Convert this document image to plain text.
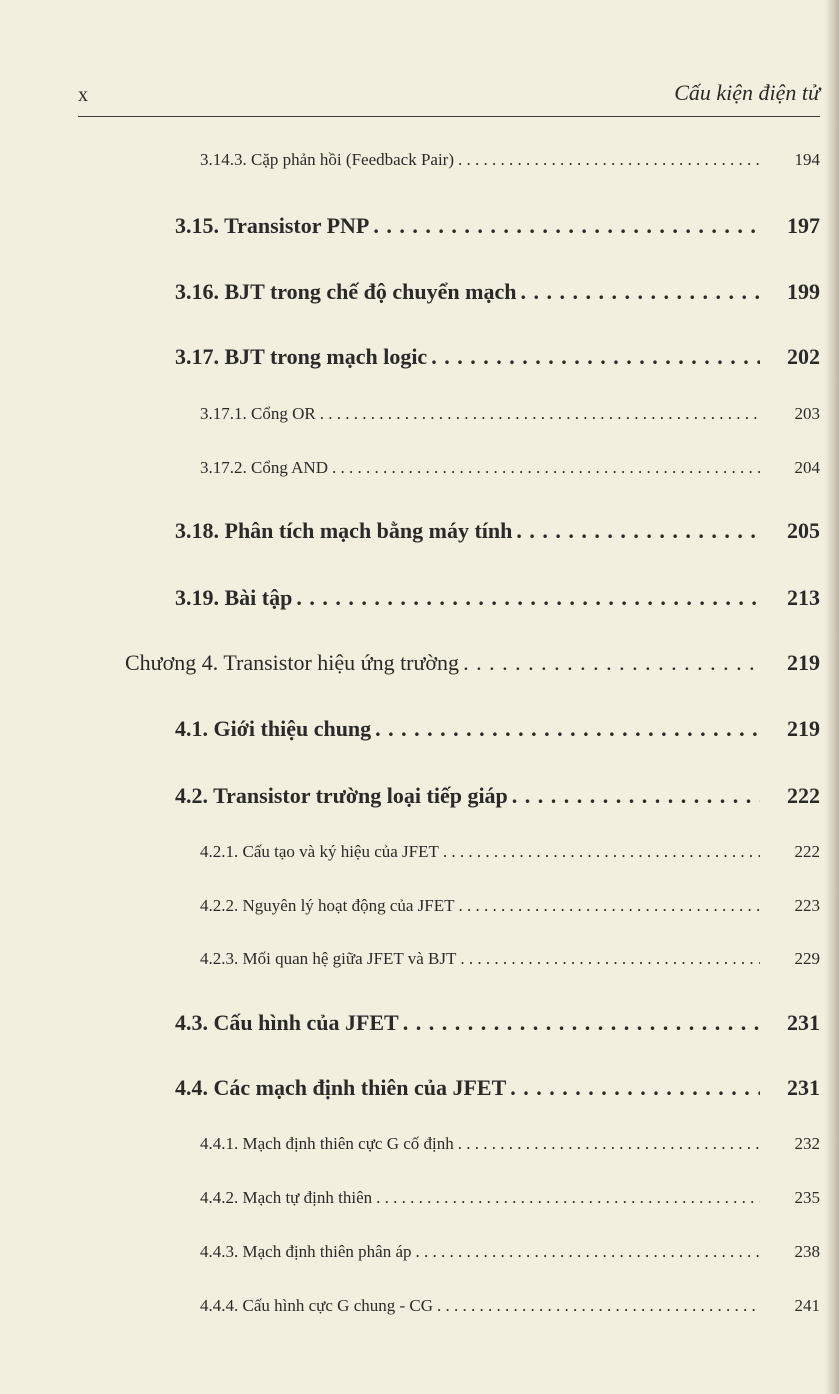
x	Cấu kiện điện tử
3.14.3. Cặp phản hồi (Feedback Pair) . . .	194
3.15. Transistor PNP . . .	197
3.16. BJT trong chế độ chuyển mạch . . .	199
3.17. BJT trong mạch logic . . .	202
3.17.1. Cổng OR . . .	203
3.17.2. Cổng AND . . .	204
3.18. Phân tích mạch bằng máy tính . . .	205
3.19. Bài tập . . .	213
Chương 4. Transistor hiệu ứng trường . . .	219
4.1. Giới thiệu chung . . .	219
4.2. Transistor trường loại tiếp giáp . . .	222
4.2.1. Cấu tạo và ký hiệu của JFET . . .	222
4.2.2. Nguyên lý hoạt động của JFET . . .	223
4.2.3. Mối quan hệ giữa JFET và BJT . . .	229
4.3. Cấu hình của JFET . . .	231
4.4. Các mạch định thiên của JFET . . .	231
4.4.1. Mạch định thiên cực G cố định . . .	232
4.4.2. Mạch tự định thiên . . .	235
4.4.3. Mạch định thiên phân áp . . .	238
4.4.4. Cấu hình cực G chung - CG . . .	241
